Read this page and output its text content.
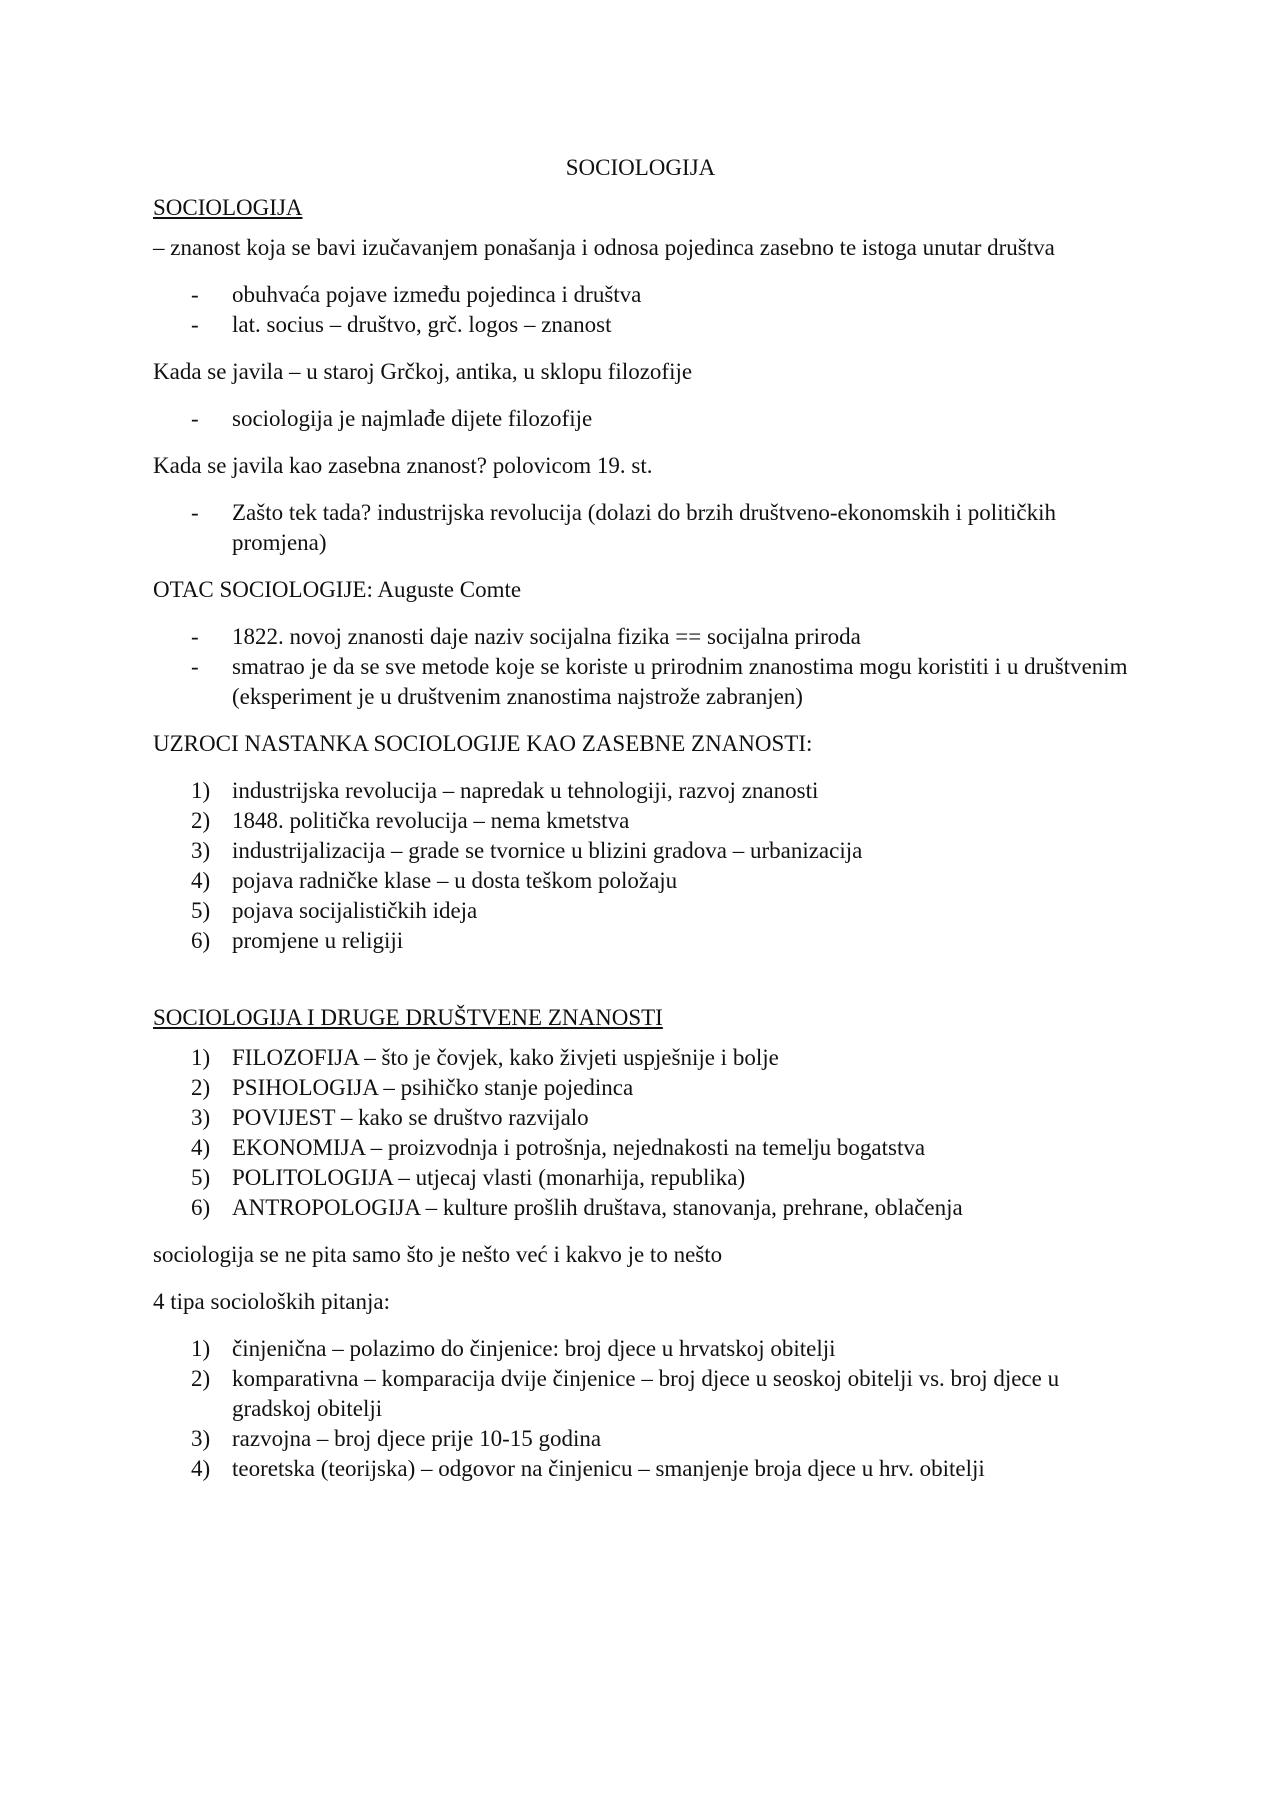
SOCIOLOGIJA
SOCIOLOGIJA

– znanost koja se bavi izučavanjem ponašanja i odnosa pojedinca zasebno te istoga unutar društva

- obuhvaća pojave između pojedinca i društva
- lat. socius – društvo, grč. logos – znanost

Kada se javila – u staroj Grčkoj, antika, u sklopu filozofije

- sociologija je najmlađe dijete filozofije

Kada se javila kao zasebna znanost? polovicom 19. st.

- Zašto tek tada? industrijska revolucija (dolazi do brzih društveno-ekonomskih i političkih promjena)

OTAC SOCIOLOGIJE: Auguste Comte

- 1822. novoj znanosti daje naziv socijalna fizika == socijalna priroda
- smatrao je da se sve metode koje se koriste u prirodnim znanostima mogu koristiti i u društvenim (eksperiment je u društvenim znanostima najstrože zabranjen)

UZROCI NASTANKA SOCIOLOGIJE KAO ZASEBNE ZNANOSTI:

1) industrijska revolucija – napredak u tehnologiji, razvoj znanosti
2) 1848. politička revolucija – nema kmetstva
3) industrijalizacija – grade se tvornice u blizini gradova – urbanizacija
4) pojava radničke klase – u dosta teškom položaju
5) pojava socijalističkih ideja
6) promjene u religiji
SOCIOLOGIJA I DRUGE DRUŠTVENE ZNANOSTI
1) FILOZOFIJA – što je čovjek, kako živjeti uspješnije i bolje
2) PSIHOLOGIJA – psihičko stanje pojedinca
3) POVIJEST – kako se društvo razvijalo
4) EKONOMIJA – proizvodnja i potrošnja, nejednakosti na temelju bogatstva
5) POLITOLOGIJA – utjecaj vlasti (monarhija, republika)
6) ANTROPOLOGIJA – kulture prošlih društava, stanovanja, prehrane, oblačenja

sociologija se ne pita samo što je nešto već i kakvo je to nešto

4 tipa socioloških pitanja:

1) činjenična – polazimo do činjenice: broj djece u hrvatskoj obitelji
2) komparativna – komparacija dvije činjenice – broj djece u seoskoj obitelji vs. broj djece u gradskoj obitelji
3) razvojna – broj djece prije 10-15 godina
4) teoretska (teorijska) – odgovor na činjenicu – smanjenje broja djece u hrv. obitelji
